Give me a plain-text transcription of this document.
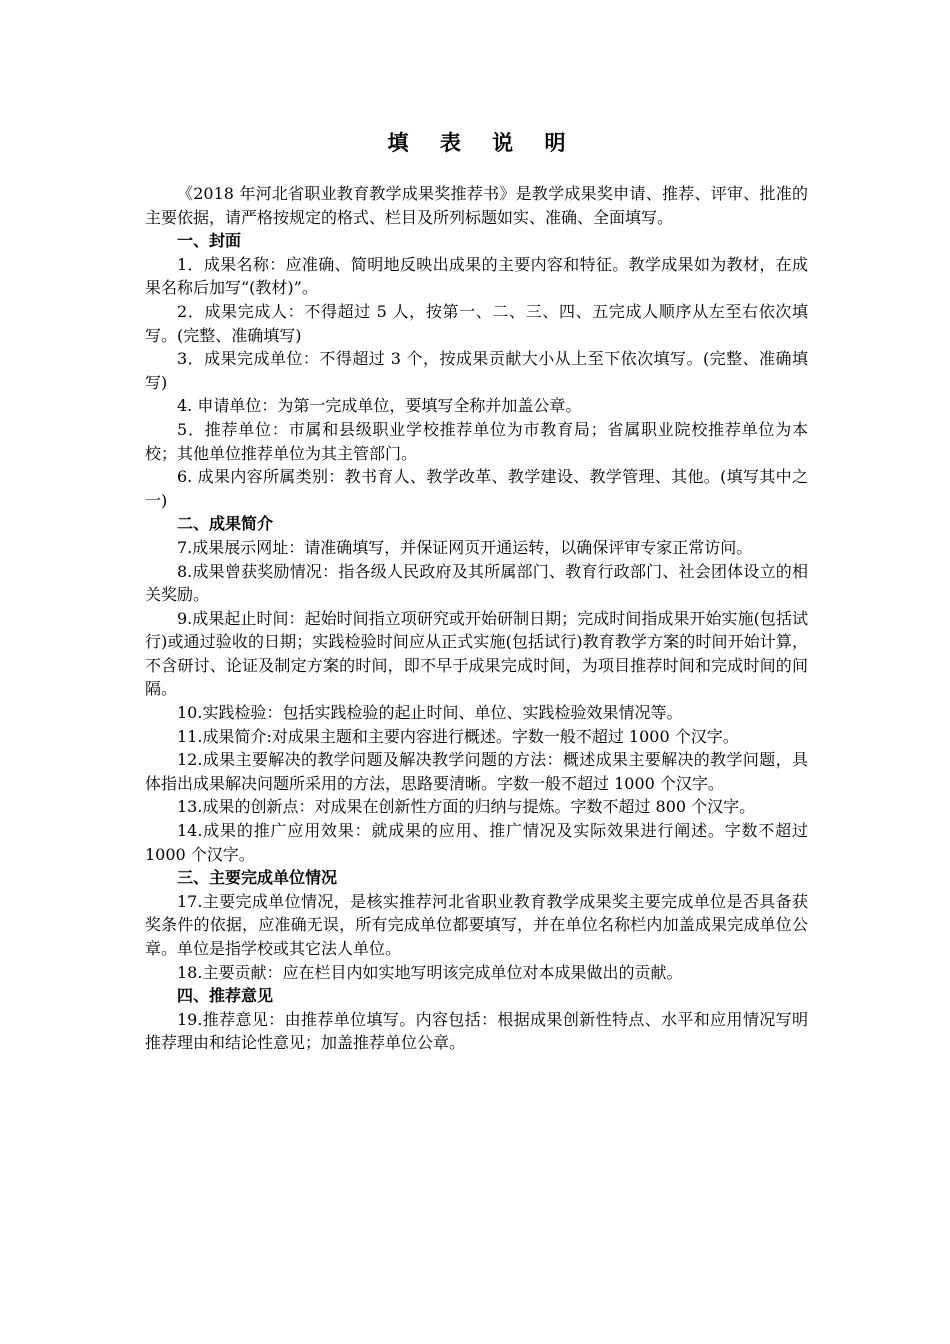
填 表 说 明

《2018 年河北省职业教育教学成果奖推荐书》是教学成果奖申请、推荐、评审、批准的主要依据，请严格按规定的格式、栏目及所列标题如实、准确、全面填写。

一、封面

1．成果名称：应准确、简明地反映出成果的主要内容和特征。教学成果如为教材，在成果名称后加写“(教材)”。

2．成果完成人：不得超过 5 人，按第一、二、三、四、五完成人顺序从左至右依次填写。(完整、准确填写)

3．成果完成单位：不得超过 3 个，按成果贡献大小从上至下依次填写。(完整、准确填写)

4. 申请单位：为第一完成单位，要填写全称并加盖公章。

5．推荐单位：市属和县级职业学校推荐单位为市教育局；省属职业院校推荐单位为本校；其他单位推荐单位为其主管部门。

6. 成果内容所属类别：教书育人、教学改革、教学建设、教学管理、其他。(填写其中之一)

二、成果简介

7.成果展示网址：请准确填写，并保证网页开通运转，以确保评审专家正常访问。

8.成果曾获奖励情况：指各级人民政府及其所属部门、教育行政部门、社会团体设立的相关奖励。

9.成果起止时间：起始时间指立项研究或开始研制日期；完成时间指成果开始实施(包括试行)或通过验收的日期；实践检验时间应从正式实施(包括试行)教育教学方案的时间开始计算，不含研讨、论证及制定方案的时间，即不早于成果完成时间，为项目推荐时间和完成时间的间隔。

10.实践检验：包括实践检验的起止时间、单位、实践检验效果情况等。

11.成果简介:对成果主题和主要内容进行概述。字数一般不超过 1000 个汉字。

12.成果主要解决的教学问题及解决教学问题的方法：概述成果主要解决的教学问题，具体指出成果解决问题所采用的方法，思路要清晰。字数一般不超过 1000 个汉字。

13.成果的创新点：对成果在创新性方面的归纳与提炼。字数不超过 800 个汉字。

14.成果的推广应用效果：就成果的应用、推广情况及实际效果进行阐述。字数不超过 1000 个汉字。

三、主要完成单位情况

17.主要完成单位情况，是核实推荐河北省职业教育教学成果奖主要完成单位是否具备获奖条件的依据，应准确无误，所有完成单位都要填写，并在单位名称栏内加盖成果完成单位公章。单位是指学校或其它法人单位。

18.主要贡献：应在栏目内如实地写明该完成单位对本成果做出的贡献。

四、推荐意见

19.推荐意见：由推荐单位填写。内容包括：根据成果创新性特点、水平和应用情况写明推荐理由和结论性意见；加盖推荐单位公章。
